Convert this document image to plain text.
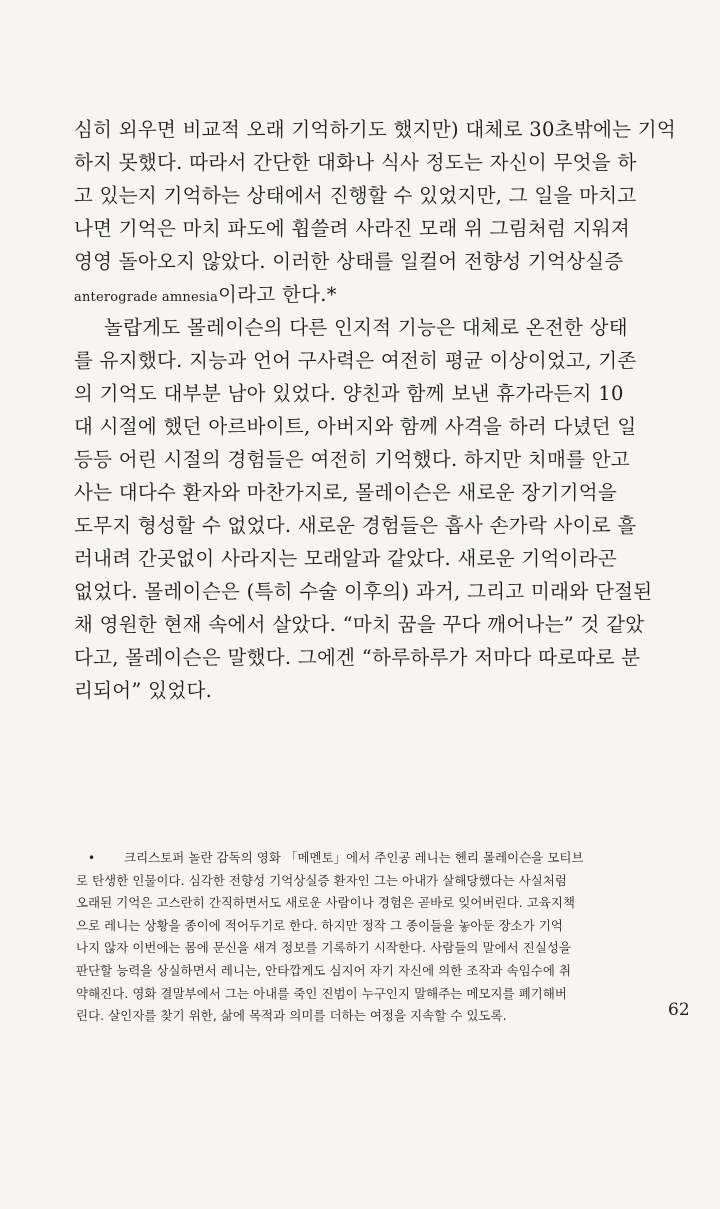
심히 외우면 비교적 오래 기억하기도 했지만) 대체로 30초밖에는 기억
하지 못했다. 따라서 간단한 대화나 식사 정도는 자신이 무엇을 하
고 있는지 기억하는 상태에서 진행할 수 있었지만, 그 일을 마치고
나면 기억은 마치 파도에 휩쓸려 사라진 모래 위 그림처럼 지워져
영영 돌아오지 않았다. 이러한 상태를 일컬어 전향성 기억상실증
anterograde amnesia이라고 한다.*
놀랍게도 몰레이슨의 다른 인지적 기능은 대체로 온전한 상태
를 유지했다. 지능과 언어 구사력은 여전히 평균 이상이었고, 기존
의 기억도 대부분 남아 있었다. 양친과 함께 보낸 휴가라든지 10
대 시절에 했던 아르바이트, 아버지와 함께 사격을 하러 다녔던 일
등등 어린 시절의 경험들은 여전히 기억했다. 하지만 치매를 안고
사는 대다수 환자와 마찬가지로, 몰레이슨은 새로운 장기기억을
도무지 형성할 수 없었다. 새로운 경험들은 흡사 손가락 사이로 흘
러내려 간곳없이 사라지는 모래알과 같았다. 새로운 기억이라곤
없었다. 몰레이슨은 (특히 수술 이후의) 과거, 그리고 미래와 단절된
채 영원한 현재 속에서 살았다. “마치 꿈을 꾸다 깨어나는” 것 같았
다고, 몰레이슨은 말했다. 그에겐 “하루하루가 저마다 따로따로 분
리되어” 있었다.
• 크리스토퍼 놀란 감독의 영화 「메멘토」에서 주인공 레니는 헨리 몰레이슨을 모티브
로 탄생한 인물이다. 심각한 전향성 기억상실증 환자인 그는 아내가 살해당했다는 사실처럼
오래된 기억은 고스란히 간직하면서도 새로운 사람이나 경험은 곧바로 잊어버린다. 고육지책
으로 레니는 상황을 종이에 적어두기로 한다. 하지만 정작 그 종이들을 놓아둔 장소가 기억
나지 않자 이번에는 몸에 문신을 새겨 정보를 기록하기 시작한다. 사람들의 말에서 진실성을
판단할 능력을 상실하면서 레니는, 안타깝게도 심지어 자기 자신에 의한 조작과 속임수에 취
약해진다. 영화 결말부에서 그는 아내를 죽인 진범이 누구인지 말해주는 메모지를 폐기해버
린다. 살인자를 찾기 위한, 삶에 목적과 의미를 더하는 여정을 지속할 수 있도록.	62
